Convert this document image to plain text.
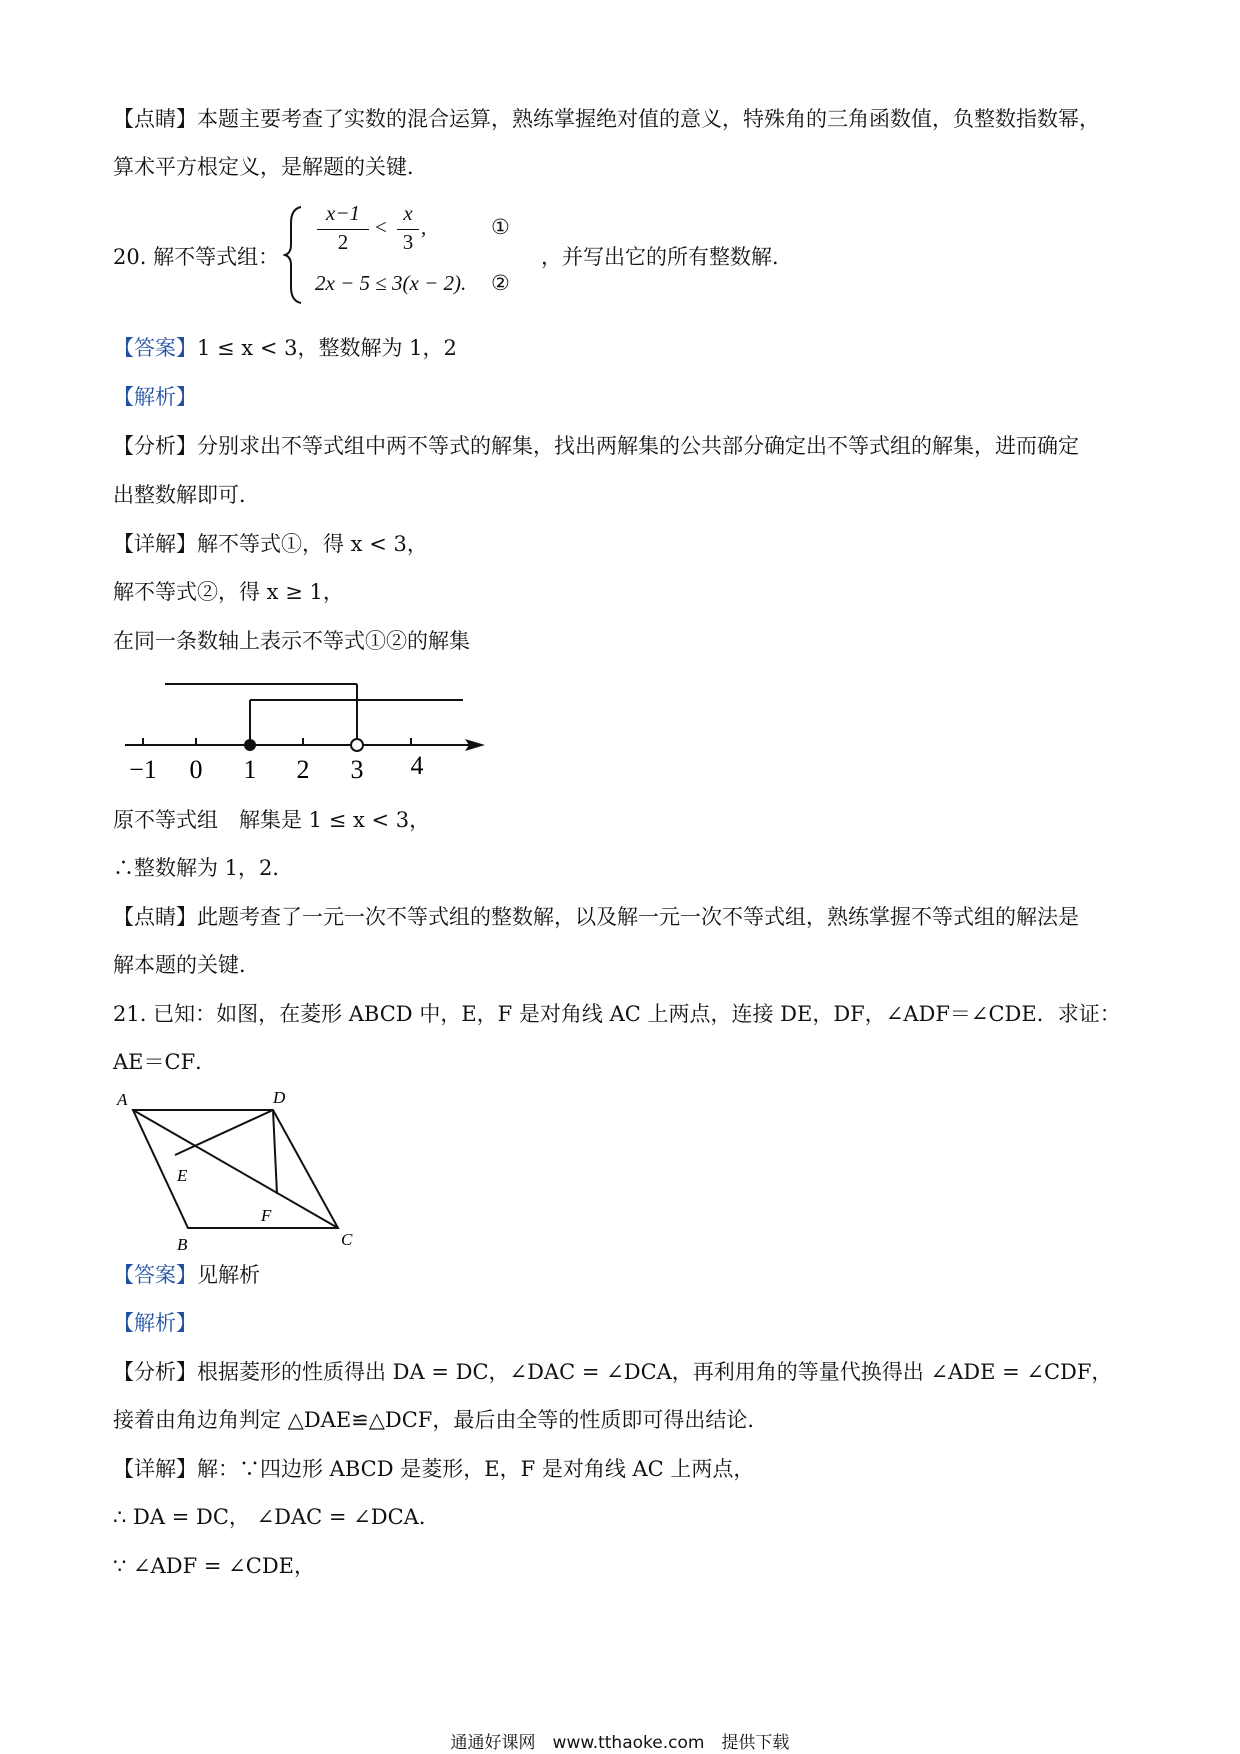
【点睛】本题主要考查了实数的混合运算，熟练掌握绝对值的意义，特殊角的三角函数值，负整数指数幂，
算术平方根定义，是解题的关键．
20. 解不等式组：
x−1
2
<
x
3
,	①
2x − 5 ≤ 3(x − 2). ②
，并写出它的所有整数解．
【答案】1 ≤ x < 3，整数解为 1，2
【解析】
【分析】分别求出不等式组中两不等式的解集，找出两解集的公共部分确定出不等式组的解集，进而确定
出整数解即可．
【详解】解不等式①，得 x < 3，
解不等式②，得 x ≥ 1，
在同一条数轴上表示不等式①②的解集
−1 0 1 2 3 4
原不等式组　解集是 1 ≤ x < 3，
∴整数解为 1，2．
【点睛】此题考查了一元一次不等式组的整数解，以及解一元一次不等式组，熟练掌握不等式组的解法是
解本题的关键．
21. 已知：如图，在菱形 ABCD 中，E，F 是对角线 AC 上两点，连接 DE，DF，∠ADF＝∠CDE．求证：
AE＝CF．
A	D
E
F
B	C
【答案】见解析
【解析】
【分析】根据菱形的性质得出 DA = DC，∠DAC = ∠DCA，再利用角的等量代换得出 ∠ADE = ∠CDF，
接着由角边角判定 △DAE≌△DCF，最后由全等的性质即可得出结论．
【详解】解：∵四边形 ABCD 是菱形，E，F 是对角线 AC 上两点，
∴ DA = DC， ∠DAC = ∠DCA．
∵ ∠ADF = ∠CDE，
通通好课网　www.tthaoke.com　提供下载
